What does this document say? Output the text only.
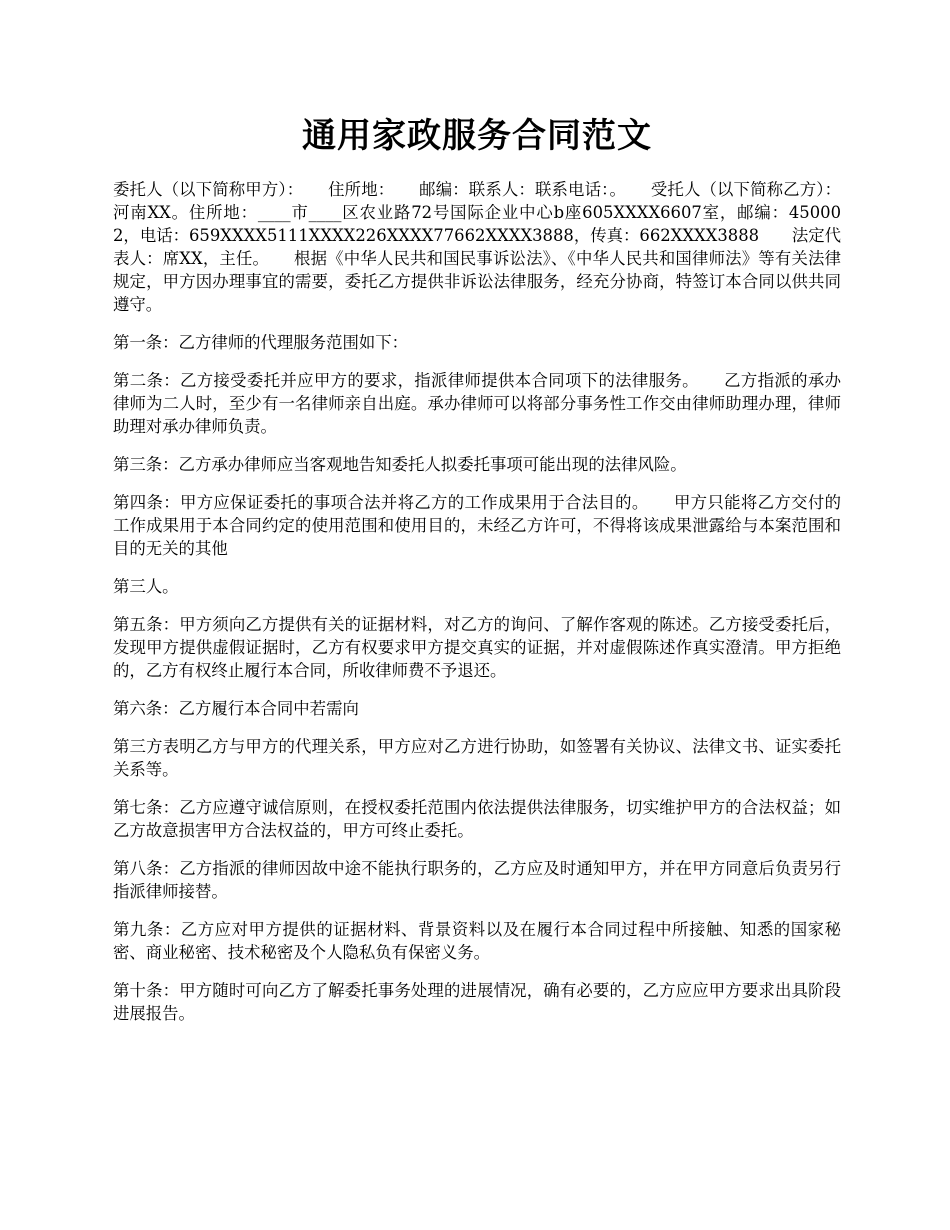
通用家政服务合同范文

委托人（以下简称甲方）：　　住所地：　　邮编：联系人：联系电话：。　　受托人（以下简称乙方）：河南XX。住所地：____市____区农业路72号国际企业中心b座605XXXX6607室，邮编：450002，电话：659XXXX5111XXXX226XXXX77662XXXX3888，传真：662XXXX3888　　法定代表人：席XX，主任。　　根据《中华人民共和国民事诉讼法》、《中华人民共和国律师法》等有关法律规定，甲方因办理事宜的需要，委托乙方提供非诉讼法律服务，经充分协商，特签订本合同以供共同遵守。

第一条：乙方律师的代理服务范围如下：

第二条：乙方接受委托并应甲方的要求，指派律师提供本合同项下的法律服务。　　乙方指派的承办律师为二人时，至少有一名律师亲自出庭。承办律师可以将部分事务性工作交由律师助理办理，律师助理对承办律师负责。

第三条：乙方承办律师应当客观地告知委托人拟委托事项可能出现的法律风险。

第四条：甲方应保证委托的事项合法并将乙方的工作成果用于合法目的。　　甲方只能将乙方交付的工作成果用于本合同约定的使用范围和使用目的，未经乙方许可，不得将该成果泄露给与本案范围和目的无关的其他

第三人。

第五条：甲方须向乙方提供有关的证据材料，对乙方的询问、了解作客观的陈述。乙方接受委托后，发现甲方提供虚假证据时，乙方有权要求甲方提交真实的证据，并对虚假陈述作真实澄清。甲方拒绝的，乙方有权终止履行本合同，所收律师费不予退还。

第六条：乙方履行本合同中若需向

第三方表明乙方与甲方的代理关系，甲方应对乙方进行协助，如签署有关协议、法律文书、证实委托关系等。

第七条：乙方应遵守诚信原则，在授权委托范围内依法提供法律服务，切实维护甲方的合法权益；如乙方故意损害甲方合法权益的，甲方可终止委托。

第八条：乙方指派的律师因故中途不能执行职务的，乙方应及时通知甲方，并在甲方同意后负责另行指派律师接替。

第九条：乙方应对甲方提供的证据材料、背景资料以及在履行本合同过程中所接触、知悉的国家秘密、商业秘密、技术秘密及个人隐私负有保密义务。

第十条：甲方随时可向乙方了解委托事务处理的进展情况，确有必要的，乙方应应甲方要求出具阶段进展报告。
